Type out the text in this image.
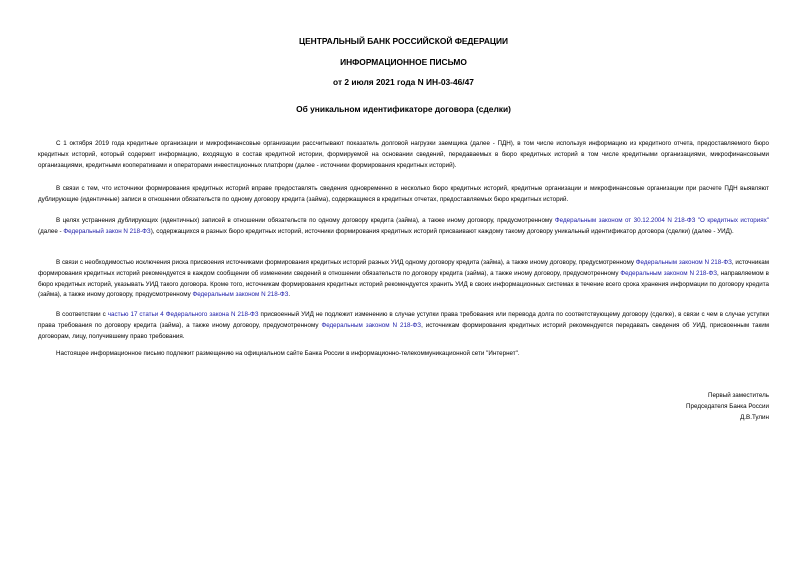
ЦЕНТРАЛЬНЫЙ БАНК РОССИЙСКОЙ ФЕДЕРАЦИИ

ИНФОРМАЦИОННОЕ ПИСЬМО

от 2 июля 2021 года N ИН-03-46/47

Об уникальном идентификаторе договора (сделки)

С 1 октября 2019 года кредитные организации и микрофинансовые организации рассчитывают показатель долговой нагрузки заемщика (далее - ПДН), в том числе используя информацию из кредитного отчета, предоставляемого бюро кредитных историй, который содержит информацию, входящую в состав кредитной истории, формируемой на основании сведений, передаваемых в бюро кредитных историй в том числе кредитными организациями, микрофинансовыми организациями, кредитными кооперативами и операторами инвестиционных платформ (далее - источники формирования кредитных историй).

В связи с тем, что источники формирования кредитных историй вправе предоставлять сведения одновременно в несколько бюро кредитных историй, кредитные организации и микрофинансовые организации при расчете ПДН выявляют дублирующие (идентичные) записи в отношении обязательств по одному договору кредита (займа), содержащиеся в кредитных отчетах, предоставляемых бюро кредитных историй.

В целях устранения дублирующих (идентичных) записей в отношении обязательств по одному договору кредита (займа), а также иному договору, предусмотренному Федеральным законом от 30.12.2004 N 218-ФЗ "О кредитных историях" (далее - Федеральный закон N 218-ФЗ), содержащихся в разных бюро кредитных историй, источники формирования кредитных историй присваивают каждому такому договору уникальный идентификатор договора (сделки) (далее - УИД).

В связи с необходимостью исключения риска присвоения источниками формирования кредитных историй разных УИД одному договору кредита (займа), а также иному договору, предусмотренному Федеральным законом N 218-ФЗ, источникам формирования кредитных историй рекомендуется в каждом сообщении об изменении сведений в отношении обязательств по договору кредита (займа), а также иному договору, предусмотренному Федеральным законом N 218-ФЗ, направляемом в бюро кредитных историй, указывать УИД такого договора. Кроме того, источникам формирования кредитных историй рекомендуется хранить УИД в своих информационных системах в течение всего срока хранения информации по договору кредита (займа), а также иному договору, предусмотренному Федеральным законом N 218-ФЗ.

В соответствии с частью 17 статьи 4 Федерального закона N 218-ФЗ присвоенный УИД не подлежит изменению в случае уступки права требования или перевода долга по соответствующему договору (сделке), в связи с чем в случае уступки права требования по договору кредита (займа), а также иному договору, предусмотренному Федеральным законом N 218-ФЗ, источникам формирования кредитных историй рекомендуется передавать сведения об УИД, присвоенным таким договорам, лицу, получившему право требования.

Настоящее информационное письмо подлежит размещению на официальном сайте Банка России в информационно-телекоммуникационной сети "Интернет".

Первый заместитель
Председателя Банка России
Д.В.Тулин
